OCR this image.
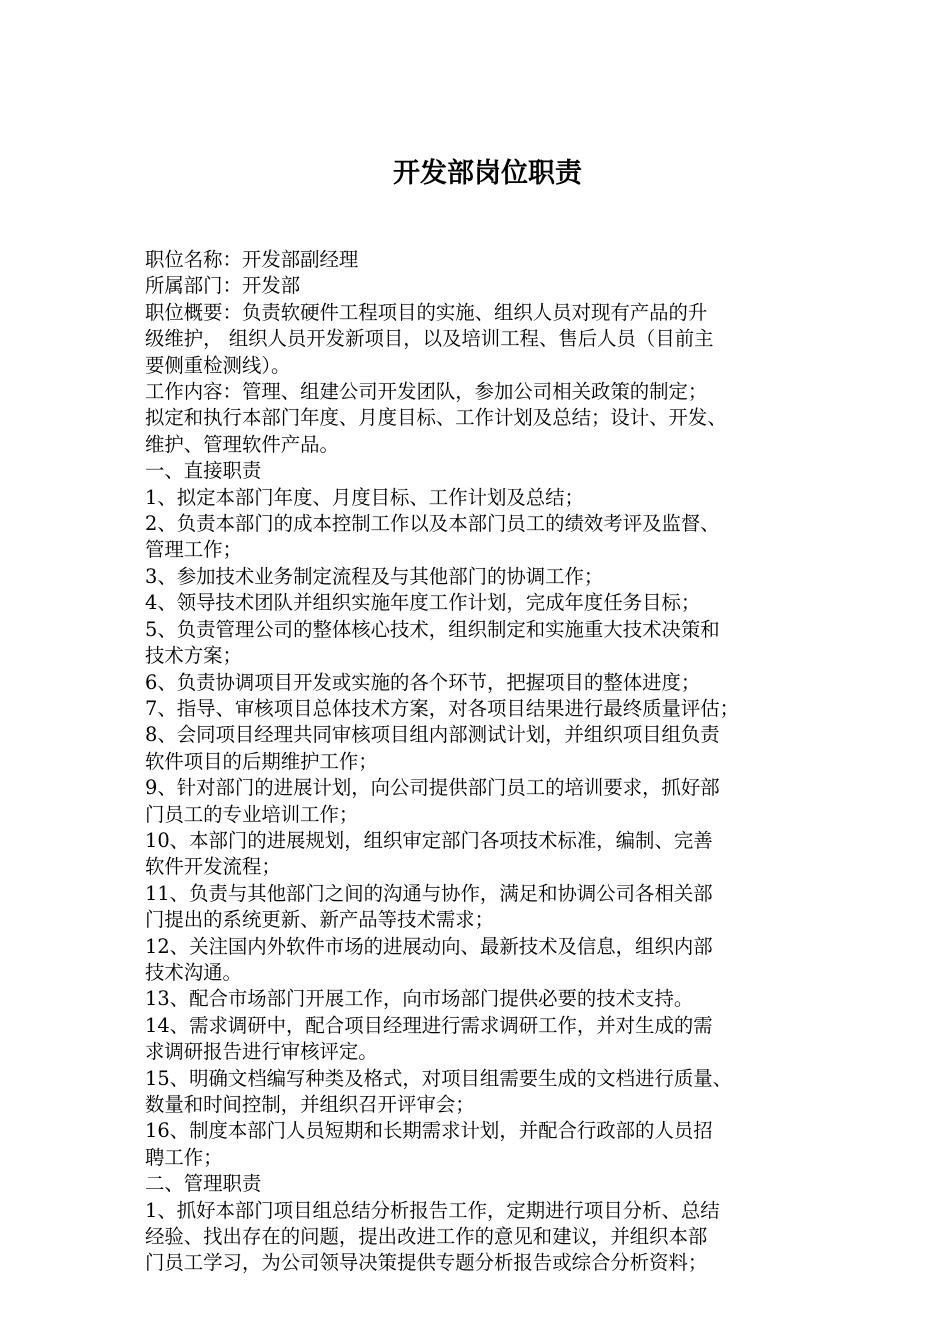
开发部岗位职责

职位名称：开发部副经理

所属部门：开发部

职位概要：负责软硬件工程项目的实施、组织人员对现有产品的升

级维护， 组织人员开发新项目，以及培训工程、售后人员（目前主

要侧重检测线）。

工作内容：管理、组建公司开发团队，参加公司相关政策的制定；

拟定和执行本部门年度、月度目标、工作计划及总结；设计、开发、

维护、管理软件产品。

一、直接职责

1、拟定本部门年度、月度目标、工作计划及总结；

2、负责本部门的成本控制工作以及本部门员工的绩效考评及监督、

管理工作；

3、参加技术业务制定流程及与其他部门的协调工作；

4、领导技术团队并组织实施年度工作计划，完成年度任务目标；

5、负责管理公司的整体核心技术，组织制定和实施重大技术决策和

技术方案；

6、负责协调项目开发或实施的各个环节，把握项目的整体进度；

7、指导、审核项目总体技术方案，对各项目结果进行最终质量评估；

8、会同项目经理共同审核项目组内部测试计划，并组织项目组负责

软件项目的后期维护工作；

9、针对部门的进展计划，向公司提供部门员工的培训要求，抓好部

门员工的专业培训工作；

10、本部门的进展规划，组织审定部门各项技术标准，编制、完善

软件开发流程；

11、负责与其他部门之间的沟通与协作，满足和协调公司各相关部

门提出的系统更新、新产品等技术需求；

12、关注国内外软件市场的进展动向、最新技术及信息，组织内部

技术沟通。

13、配合市场部门开展工作，向市场部门提供必要的技术支持。

14、需求调研中，配合项目经理进行需求调研工作，并对生成的需

求调研报告进行审核评定。

15、明确文档编写种类及格式，对项目组需要生成的文档进行质量、

数量和时间控制，并组织召开评审会；

16、制度本部门人员短期和长期需求计划，并配合行政部的人员招

聘工作；

二、管理职责

1、抓好本部门项目组总结分析报告工作，定期进行项目分析、总结

经验、找出存在的问题，提出改进工作的意见和建议，并组织本部

门员工学习，为公司领导决策提供专题分析报告或综合分析资料；
